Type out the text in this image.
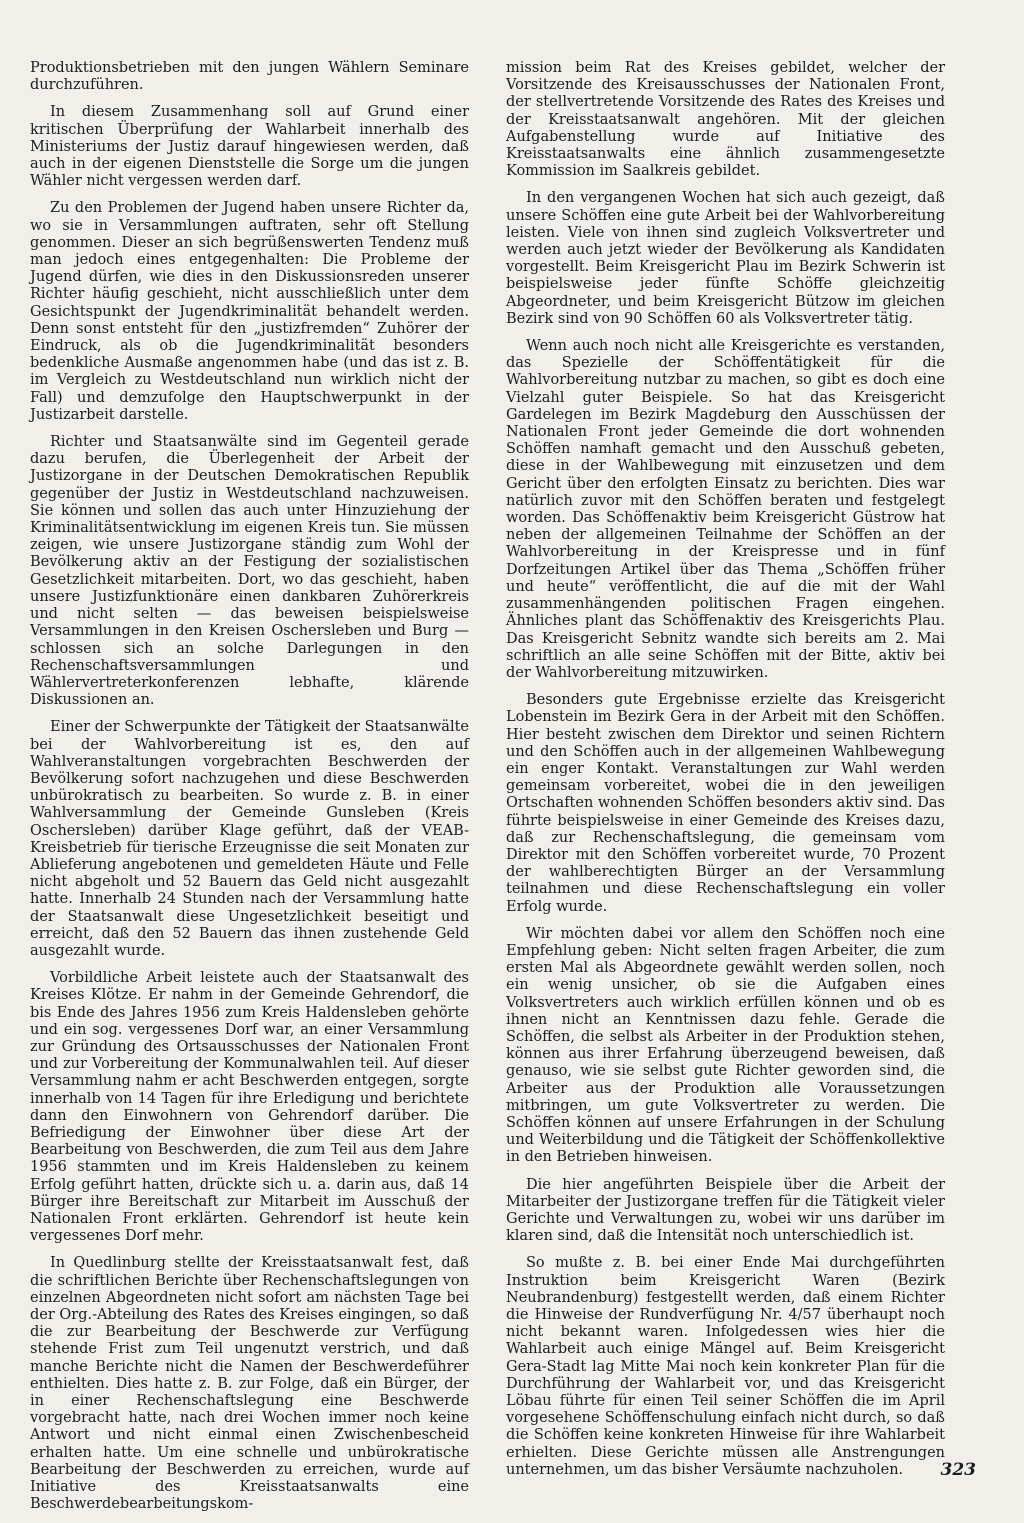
Produktionsbetrieben mit den jungen Wählern Seminare durchzuführen.

In diesem Zusammenhang soll auf Grund einer kritischen Überprüfung der Wahlarbeit innerhalb des Ministeriums der Justiz darauf hingewiesen werden, daß auch in der eigenen Dienststelle die Sorge um die jungen Wähler nicht vergessen werden darf.

Zu den Problemen der Jugend haben unsere Richter da, wo sie in Versammlungen auftraten, sehr oft Stellung genommen. Dieser an sich begrüßenswerten Tendenz muß man jedoch eines entgegenhalten: Die Probleme der Jugend dürfen, wie dies in den Diskussionsreden unserer Richter häufig geschieht, nicht ausschließlich unter dem Gesichtspunkt der Jugendkriminalität behandelt werden. Denn sonst entsteht für den „justizfremden“ Zuhörer der Eindruck, als ob die Jugendkriminalität besonders bedenkliche Ausmaße angenommen habe (und das ist z. B. im Vergleich zu Westdeutschland nun wirklich nicht der Fall) und demzufolge den Hauptschwerpunkt in der Justizarbeit darstelle.

Richter und Staatsanwälte sind im Gegenteil gerade dazu berufen, die Überlegenheit der Arbeit der Justizorgane in der Deutschen Demokratischen Republik gegenüber der Justiz in Westdeutschland nachzuweisen. Sie können und sollen das auch unter Hinzuziehung der Kriminalitätsentwicklung im eigenen Kreis tun. Sie müssen zeigen, wie unsere Justizorgane ständig zum Wohl der Bevölkerung aktiv an der Festigung der sozialistischen Gesetzlichkeit mitarbeiten. Dort, wo das geschieht, haben unsere Justizfunktionäre einen dankbaren Zuhörerkreis und nicht selten — das beweisen beispielsweise Versammlungen in den Kreisen Oschersleben und Burg — schlossen sich an solche Darlegungen in den Rechenschaftsversammlungen und Wählervertreterkonferenzen lebhafte, klärende Diskussionen an.

Einer der Schwerpunkte der Tätigkeit der Staatsanwälte bei der Wahlvorbereitung ist es, den auf Wahlveranstaltungen vorgebrachten Beschwerden der Bevölkerung sofort nachzugehen und diese Beschwerden unbürokratisch zu bearbeiten. So wurde z. B. in einer Wahlversammlung der Gemeinde Gunsleben (Kreis Oschersleben) darüber Klage geführt, daß der VEAB-Kreisbetrieb für tierische Erzeugnisse die seit Monaten zur Ablieferung angebotenen und gemeldeten Häute und Felle nicht abgeholt und 52 Bauern das Geld nicht ausgezahlt hatte. Innerhalb 24 Stunden nach der Versammlung hatte der Staatsanwalt diese Ungesetzlichkeit beseitigt und erreicht, daß den 52 Bauern das ihnen zustehende Geld ausgezahlt wurde.

Vorbildliche Arbeit leistete auch der Staatsanwalt des Kreises Klötze. Er nahm in der Gemeinde Gehrendorf, die bis Ende des Jahres 1956 zum Kreis Haldensleben gehörte und ein sog. vergessenes Dorf war, an einer Versammlung zur Gründung des Ortsausschusses der Nationalen Front und zur Vorbereitung der Kommunalwahlen teil. Auf dieser Versammlung nahm er acht Beschwerden entgegen, sorgte innerhalb von 14 Tagen für ihre Erledigung und berichtete dann den Einwohnern von Gehrendorf darüber. Die Befriedigung der Einwohner über diese Art der Bearbeitung von Beschwerden, die zum Teil aus dem Jahre 1956 stammten und im Kreis Haldensleben zu keinem Erfolg geführt hatten, drückte sich u. a. darin aus, daß 14 Bürger ihre Bereitschaft zur Mitarbeit im Ausschuß der Nationalen Front erklärten. Gehrendorf ist heute kein vergessenes Dorf mehr.

In Quedlinburg stellte der Kreisstaatsanwalt fest, daß die schriftlichen Berichte über Rechenschaftslegungen von einzelnen Abgeordneten nicht sofort am nächsten Tage bei der Org.-Abteilung des Rates des Kreises eingingen, so daß die zur Bearbeitung der Beschwerde zur Verfügung stehende Frist zum Teil ungenutzt verstrich, und daß manche Berichte nicht die Namen der Beschwerdeführer enthielten. Dies hatte z. B. zur Folge, daß ein Bürger, der in einer Rechenschaftslegung eine Beschwerde vorgebracht hatte, nach drei Wochen immer noch keine Antwort und nicht einmal einen Zwischenbescheid erhalten hatte. Um eine schnelle und unbürokratische Bearbeitung der Beschwerden zu erreichen, wurde auf Initiative des Kreisstaatsanwalts eine Beschwerdebearbeitungskom-

mission beim Rat des Kreises gebildet, welcher der Vorsitzende des Kreisausschusses der Nationalen Front, der stellvertretende Vorsitzende des Rates des Kreises und der Kreisstaatsanwalt angehören. Mit der gleichen Aufgabenstellung wurde auf Initiative des Kreisstaatsanwalts eine ähnlich zusammengesetzte Kommission im Saalkreis gebildet.

In den vergangenen Wochen hat sich auch gezeigt, daß unsere Schöffen eine gute Arbeit bei der Wahlvorbereitung leisten. Viele von ihnen sind zugleich Volksvertreter und werden auch jetzt wieder der Bevölkerung als Kandidaten vorgestellt. Beim Kreisgericht Plau im Bezirk Schwerin ist beispielsweise jeder fünfte Schöffe gleichzeitig Abgeordneter, und beim Kreisgericht Bützow im gleichen Bezirk sind von 90 Schöffen 60 als Volksvertreter tätig.

Wenn auch noch nicht alle Kreisgerichte es verstanden, das Spezielle der Schöffentätigkeit für die Wahlvorbereitung nutzbar zu machen, so gibt es doch eine Vielzahl guter Beispiele. So hat das Kreisgericht Gardelegen im Bezirk Magdeburg den Ausschüssen der Nationalen Front jeder Gemeinde die dort wohnenden Schöffen namhaft gemacht und den Ausschuß gebeten, diese in der Wahlbewegung mit einzusetzen und dem Gericht über den erfolgten Einsatz zu berichten. Dies war natürlich zuvor mit den Schöffen beraten und festgelegt worden. Das Schöffenaktiv beim Kreisgericht Güstrow hat neben der allgemeinen Teilnahme der Schöffen an der Wahlvorbereitung in der Kreispresse und in fünf Dorfzeitungen Artikel über das Thema „Schöffen früher und heute“ veröffentlicht, die auf die mit der Wahl zusammenhängenden politischen Fragen eingehen. Ähnliches plant das Schöffenaktiv des Kreisgerichts Plau. Das Kreisgericht Sebnitz wandte sich bereits am 2. Mai schriftlich an alle seine Schöffen mit der Bitte, aktiv bei der Wahlvorbereitung mitzuwirken.

Besonders gute Ergebnisse erzielte das Kreisgericht Lobenstein im Bezirk Gera in der Arbeit mit den Schöffen. Hier besteht zwischen dem Direktor und seinen Richtern und den Schöffen auch in der allgemeinen Wahlbewegung ein enger Kontakt. Veranstaltungen zur Wahl werden gemeinsam vorbereitet, wobei die in den jeweiligen Ortschaften wohnenden Schöffen besonders aktiv sind. Das führte beispielsweise in einer Gemeinde des Kreises dazu, daß zur Rechenschaftslegung, die gemeinsam vom Direktor mit den Schöffen vorbereitet wurde, 70 Prozent der wahlberechtigten Bürger an der Versammlung teilnahmen und diese Rechenschaftslegung ein voller Erfolg wurde.

Wir möchten dabei vor allem den Schöffen noch eine Empfehlung geben: Nicht selten fragen Arbeiter, die zum ersten Mal als Abgeordnete gewählt werden sollen, noch ein wenig unsicher, ob sie die Aufgaben eines Volksvertreters auch wirklich erfüllen können und ob es ihnen nicht an Kenntnissen dazu fehle. Gerade die Schöffen, die selbst als Arbeiter in der Produktion stehen, können aus ihrer Erfahrung überzeugend beweisen, daß genauso, wie sie selbst gute Richter geworden sind, die Arbeiter aus der Produktion alle Voraussetzungen mitbringen, um gute Volksvertreter zu werden. Die Schöffen können auf unsere Erfahrungen in der Schulung und Weiterbildung und die Tätigkeit der Schöffenkollektive in den Betrieben hinweisen.

Die hier angeführten Beispiele über die Arbeit der Mitarbeiter der Justizorgane treffen für die Tätigkeit vieler Gerichte und Verwaltungen zu, wobei wir uns darüber im klaren sind, daß die Intensität noch unterschiedlich ist.

So mußte z. B. bei einer Ende Mai durchgeführten Instruktion beim Kreisgericht Waren (Bezirk Neubrandenburg) festgestellt werden, daß einem Richter die Hinweise der Rundverfügung Nr. 4/57 überhaupt noch nicht bekannt waren. Infolgedessen wies hier die Wahlarbeit auch einige Mängel auf. Beim Kreisgericht Gera-Stadt lag Mitte Mai noch kein konkreter Plan für die Durchführung der Wahlarbeit vor, und das Kreisgericht Löbau führte für einen Teil seiner Schöffen die im April vorgesehene Schöffenschulung einfach nicht durch, so daß die Schöffen keine konkreten Hinweise für ihre Wahlarbeit erhielten. Diese Gerichte müssen alle Anstrengungen unternehmen, um das bisher Versäumte nachzuholen.	323
